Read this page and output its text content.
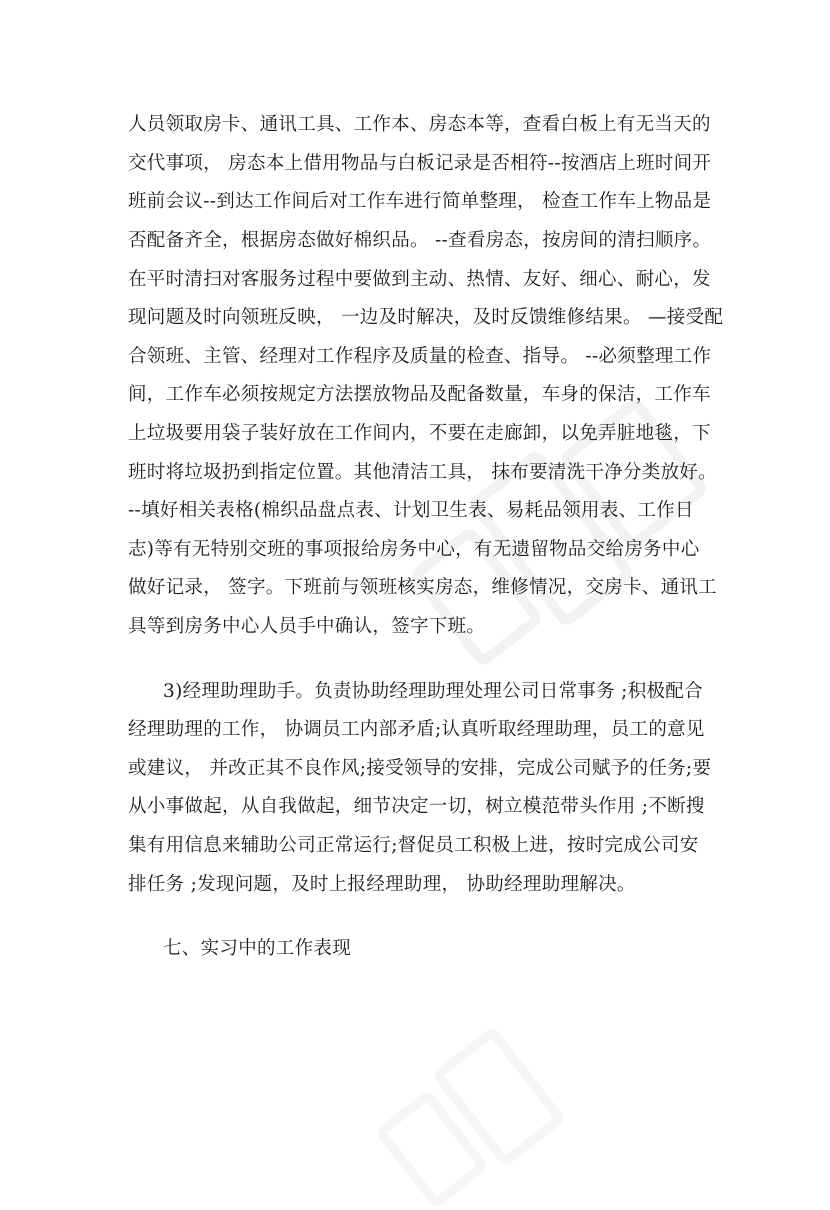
人员领取房卡、通讯工具、工作本、房态本等，查看白板上有无当天的
交代事项， 房态本上借用物品与白板记录是否相符--按酒店上班时间开
班前会议--到达工作间后对工作车进行简单整理， 检查工作车上物品是
否配备齐全，根据房态做好棉织品。 --查看房态，按房间的清扫顺序。
在平时清扫对客服务过程中要做到主动、热情、友好、细心、耐心，发
现问题及时向领班反映， 一边及时解决，及时反馈维修结果。 —接受配
合领班、主管、经理对工作程序及质量的检查、指导。 --必须整理工作
间，工作车必须按规定方法摆放物品及配备数量，车身的保洁，工作车
上垃圾要用袋子装好放在工作间内，不要在走廊卸，以免弄脏地毯，下
班时将垃圾扔到指定位置。其他清洁工具， 抹布要清洗干净分类放好。
--填好相关表格(棉织品盘点表、计划卫生表、易耗品领用表、工作日
志)等有无特别交班的事项报给房务中心，有无遗留物品交给房务中心
做好记录， 签字。下班前与领班核实房态，维修情况，交房卡、通讯工
具等到房务中心人员手中确认，签字下班。
3)经理助理助手。负责协助经理助理处理公司日常事务 ;积极配合
经理助理的工作， 协调员工内部矛盾;认真听取经理助理，员工的意见
或建议， 并改正其不良作风;接受领导的安排，完成公司赋予的任务;要
从小事做起，从自我做起，细节决定一切，树立模范带头作用 ;不断搜
集有用信息来辅助公司正常运行;督促员工积极上进，按时完成公司安
排任务 ;发现问题，及时上报经理助理， 协助经理助理解决。
七、实习中的工作表现
